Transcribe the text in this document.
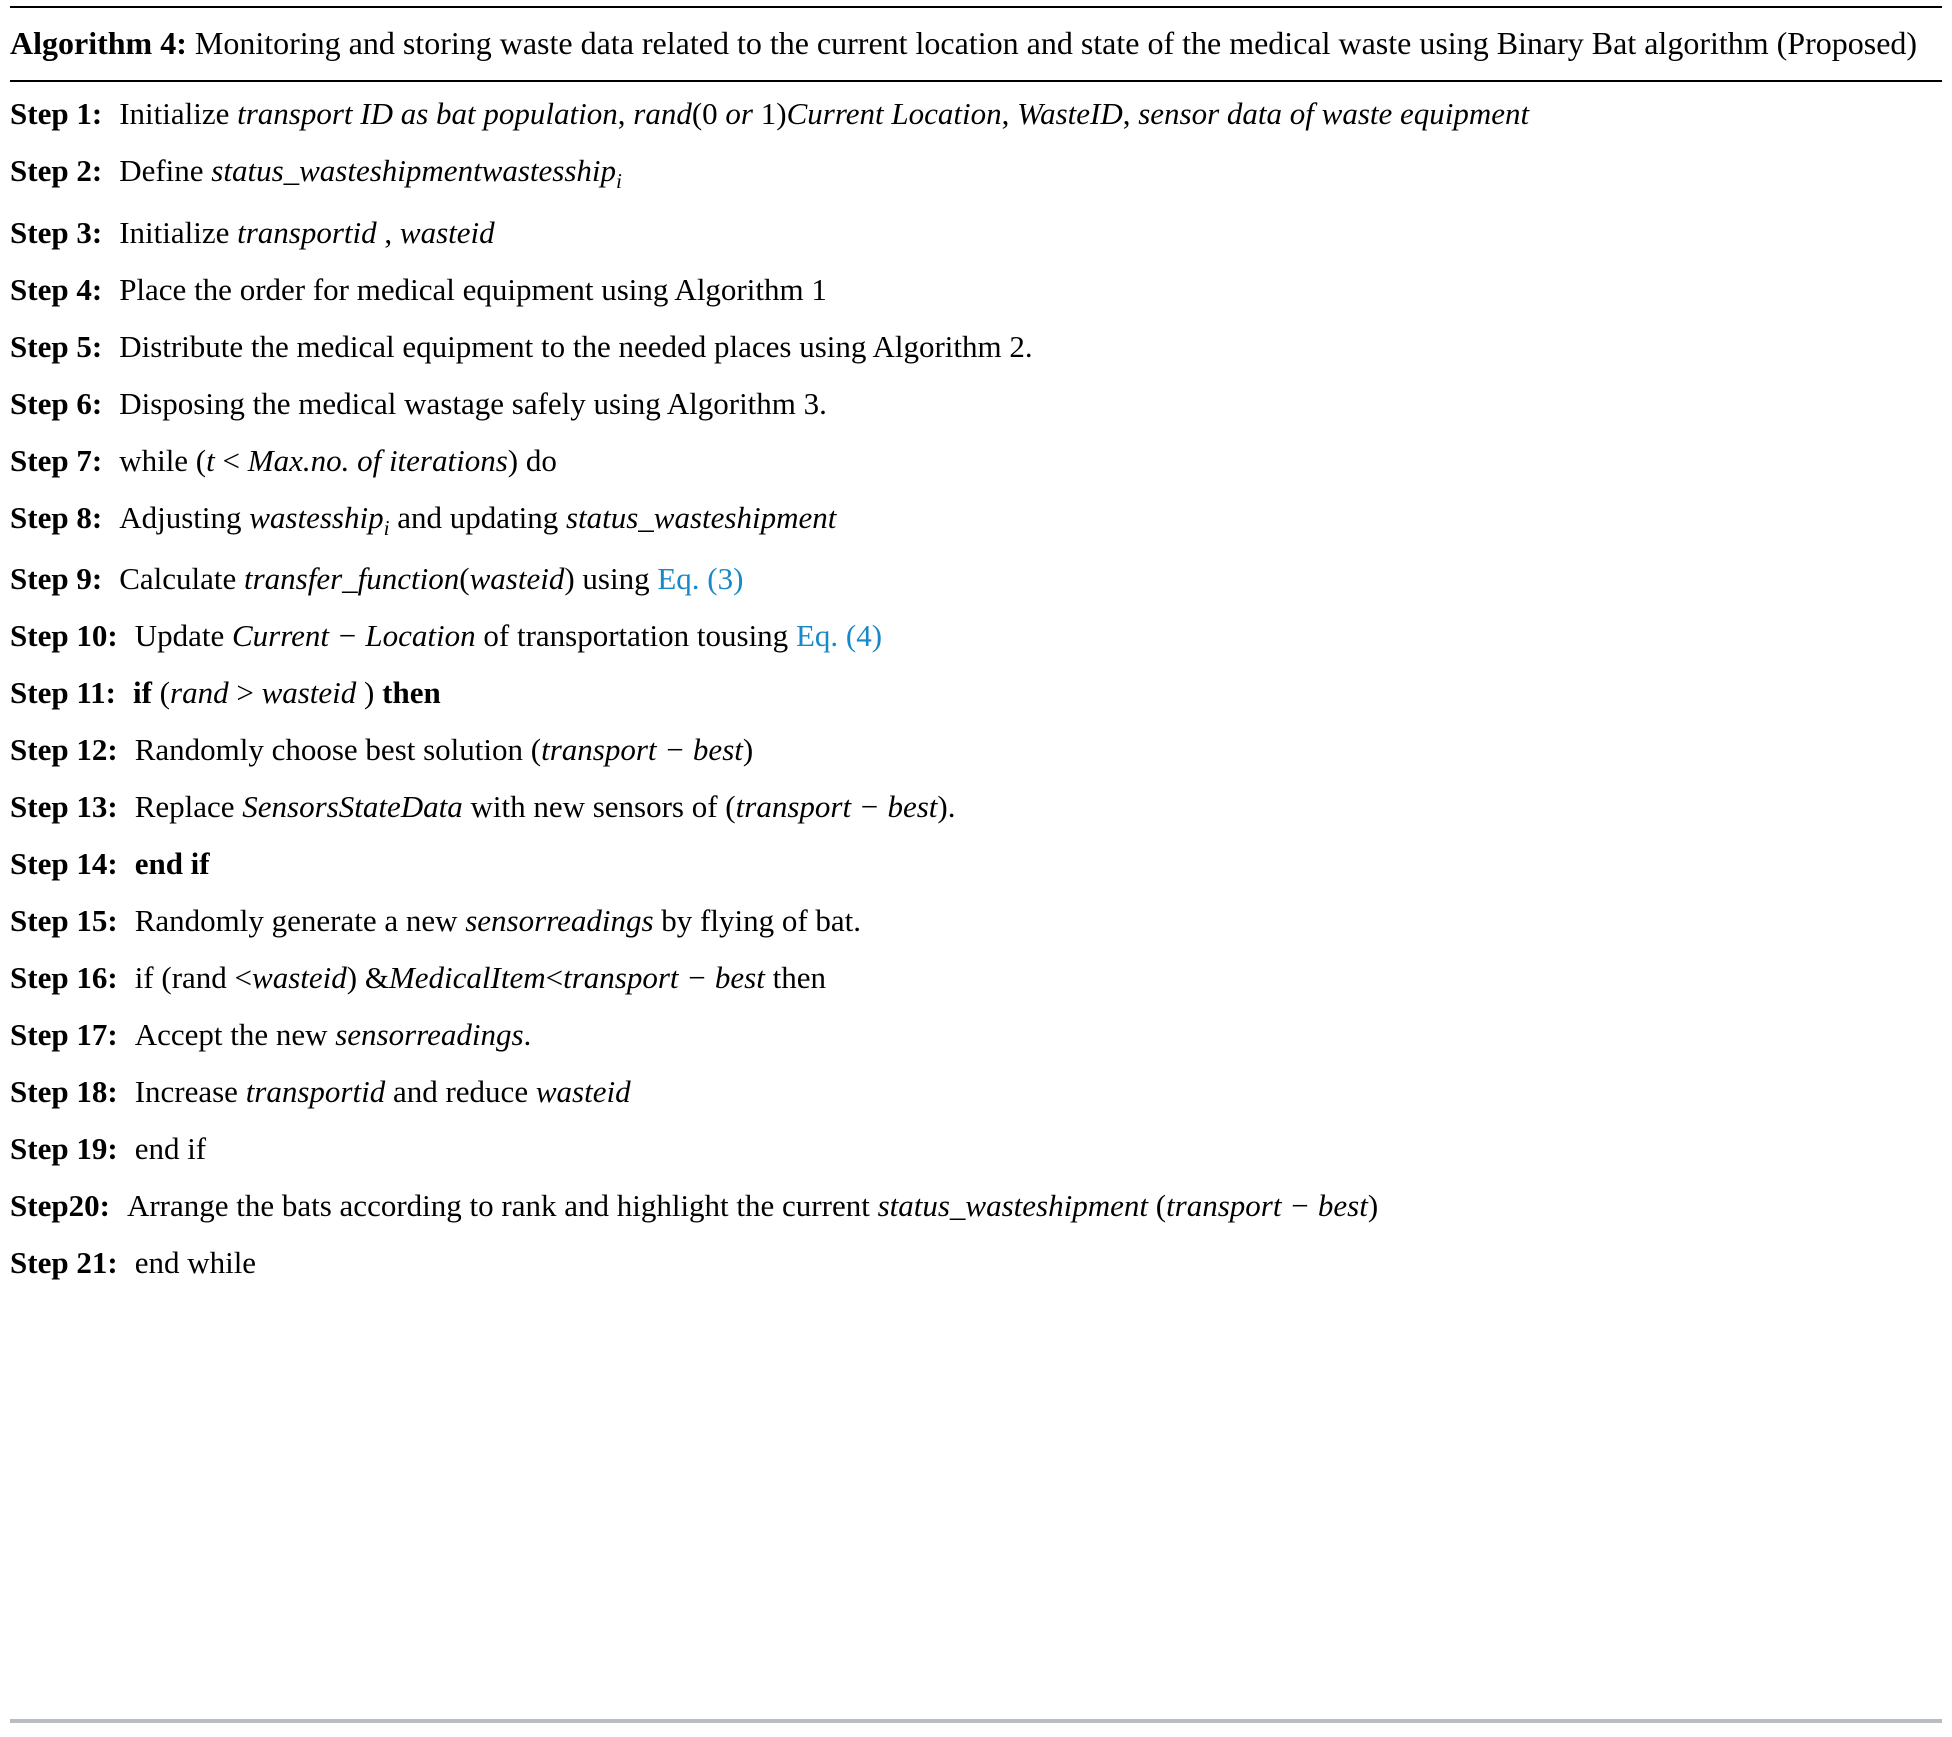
Algorithm 4: Monitoring and storing waste data related to the current location and state of the medical waste using Binary Bat algorithm (Proposed)

Step 1: Initialize transport ID as bat population, rand(0 or 1)Current Location, WasteID, sensor data of waste equipment

Step 2: Define status_wasteshipmentwastesship$_i$

Step 3: Initialize transportid , wasteid

Step 4: Place the order for medical equipment using Algorithm 1

Step 5: Distribute the medical equipment to the needed places using Algorithm 2.

Step 6: Disposing the medical wastage safely using Algorithm 3.

Step 7: while (t < Max.no. of iterations) do

Step 8: Adjusting wastesship$_i$ and updating status_wasteshipment

Step 9: Calculate transfer_function(wasteid) using Eq. (3)

Step 10: Update Current − Location of transportation tousing Eq. (4)

Step 11: if (rand > wasteid ) then

Step 12: Randomly choose best solution (transport − best)

Step 13: Replace SensorsStateData with new sensors of (transport − best).

Step 14: end if

Step 15: Randomly generate a new sensorreadings by flying of bat.

Step 16: if (rand <wasteid) &MedicalItem<transport − best then

Step 17: Accept the new sensorreadings.

Step 18: Increase transportid and reduce wasteid

Step 19: end if

Step20: Arrange the bats according to rank and highlight the current status_wasteshipment (transport − best)

Step 21: end while
